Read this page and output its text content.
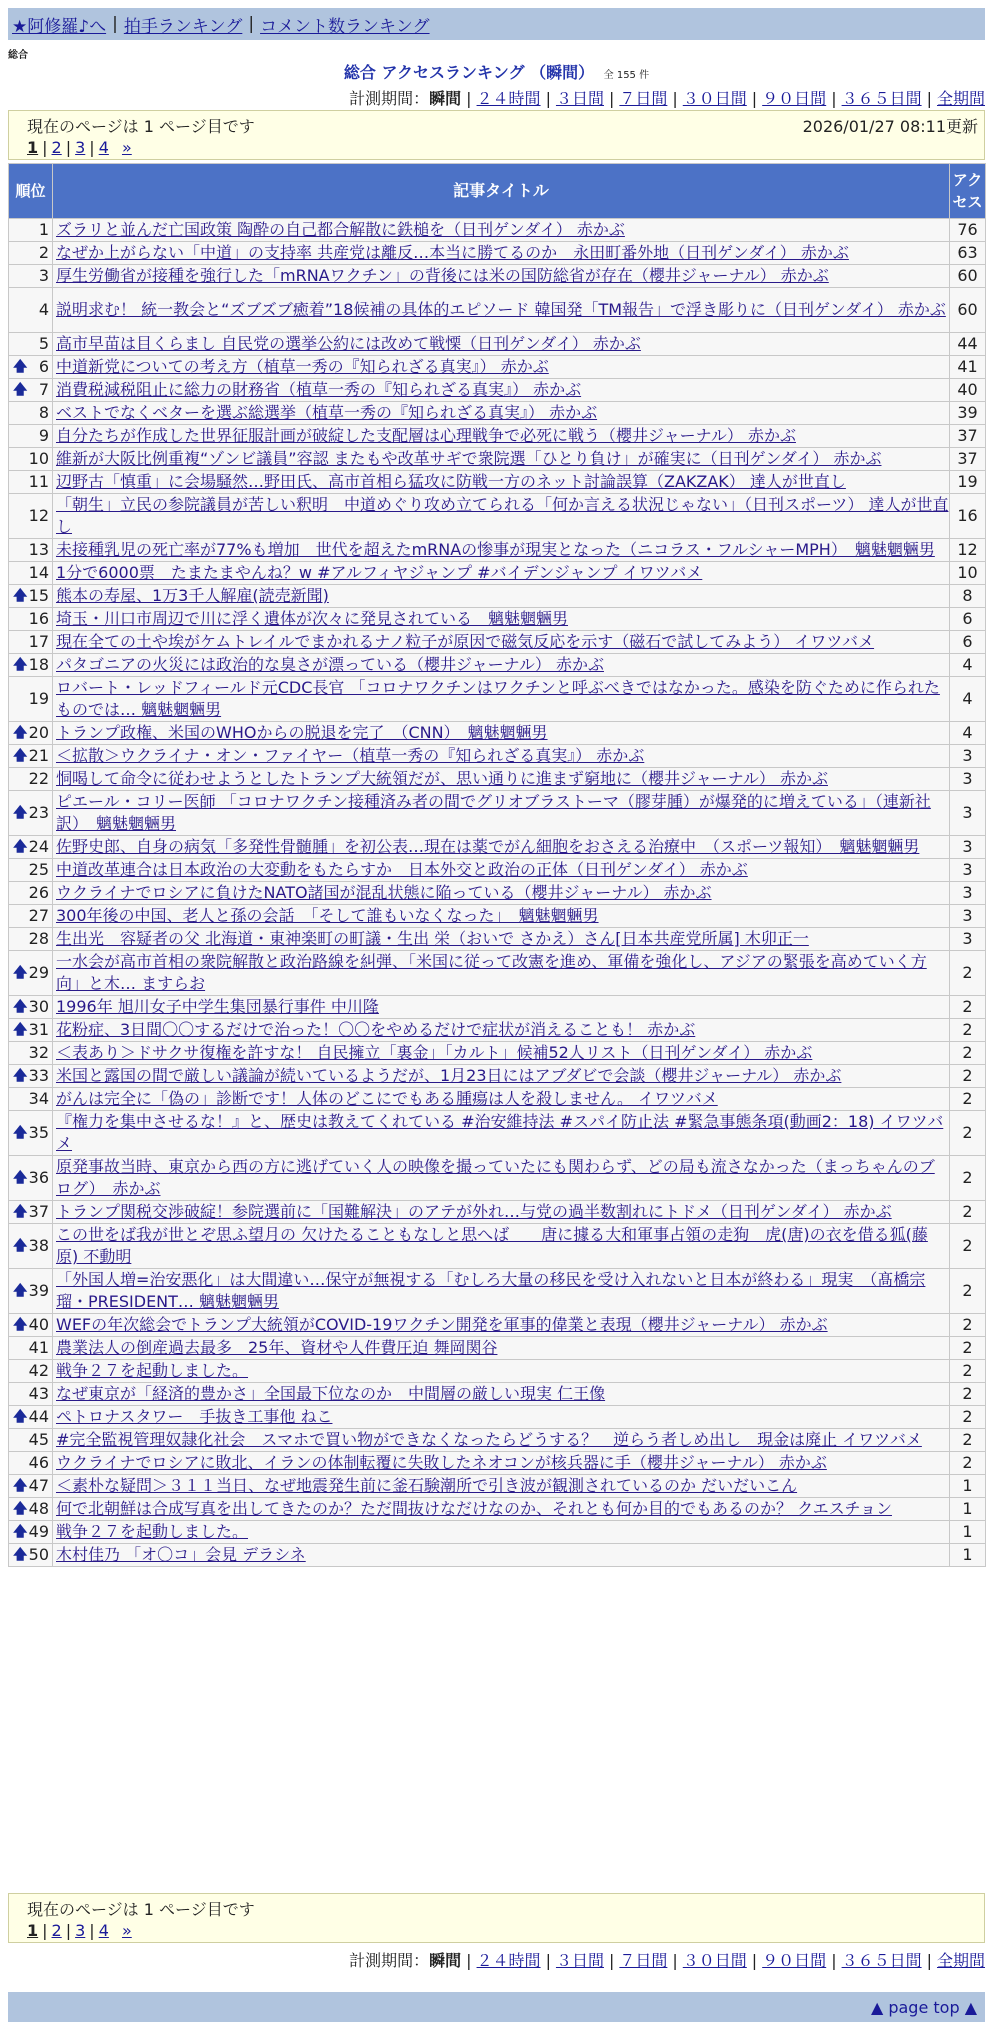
★阿修羅♪へ | 拍手ランキング | コメント数ランキング
総合
総合 アクセスランキング （瞬間） 全 155 件
計測期間：瞬間 | ２４時間 | ３日間 | ７日間 | ３０日間 | ９０日間 | ３６５日間 | 全期間
現在のページは 1 ページ目です	2026/01/27 08:11更新
1 | 2 | 3 | 4 »
順位	記事タイトル	アクセス
1	ズラリと並んだ亡国政策 陶酔の自己都合解散に鉄槌を（日刊ゲンダイ） 赤かぶ	76
2	なぜか上がらない「中道」の支持率 共産党は離反…本当に勝てるのか　永田町番外地（日刊ゲンダイ） 赤かぶ	63
3	厚生労働省が接種を強行した「mRNAワクチン」の背後には米の国防総省が存在（櫻井ジャーナル） 赤かぶ	60
4	説明求む！ 統一教会と“ズブズブ癒着”18候補の具体的エピソード 韓国発「TM報告」で浮き彫りに（日刊ゲンダイ） 赤かぶ	60
5	高市早苗は目くらまし 自民党の選挙公約には改めて戦慄（日刊ゲンダイ） 赤かぶ	44

🡅 6	中道新党についての考え方（植草一秀の『知られざる真実』） 赤かぶ	41

🡅 7	消費税減税阻止に総力の財務省（植草一秀の『知られざる真実』） 赤かぶ	40
8	ベストでなくベターを選ぶ総選挙（植草一秀の『知られざる真実』） 赤かぶ	39
9	自分たちが作成した世界征服計画が破綻した支配層は心理戦争で必死に戦う（櫻井ジャーナル） 赤かぶ	37
10	維新が大阪比例重複“ゾンビ議員”容認 またもや改革サギで衆院選「ひとり負け」が確実に（日刊ゲンダイ） 赤かぶ	37
11	辺野古「慎重」に会場騒然…野田氏、高市首相ら猛攻に防戦一方のネット討論誤算（ZAKZAK） 達人が世直し	19
12	「朝生」立民の参院議員が苦しい釈明　中道めぐり攻め立てられる「何か言える状況じゃない」（日刊スポーツ） 達人が世直し	16
13	未接種乳児の死亡率が77%も増加　世代を超えたmRNAの惨事が現実となった（ニコラス・フルシャーMPH）　魑魅魍魎男	12
14	1分で6000票　たまたまやんね？w #アルフィヤジャンプ #バイデンジャンプ イワツバメ	10

🡅 15	熊本の寿屋、1万3千人解雇(読売新聞)	8
16	埼玉・川口市周辺で川に浮く遺体が次々に発見されている　魑魅魍魎男	6
17	現在全ての土や埃がケムトレイルでまかれるナノ粒子が原因で磁気反応を示す（磁石で試してみよう） イワツバメ	6

🡅 18	パタゴニアの火災には政治的な臭さが漂っている（櫻井ジャーナル） 赤かぶ	4
19	ロバート・レッドフィールド元CDC長官 「コロナワクチンはワクチンと呼ぶべきではなかった。感染を防ぐために作られたものでは… 魑魅魍魎男	4

🡅 20	トランプ政権、米国のWHOからの脱退を完了　（CNN）　魑魅魍魎男	4

🡅 21	＜拡散＞ウクライナ・オン・ファイヤー（植草一秀の『知られざる真実』） 赤かぶ	3
22	恫喝して命令に従わせようとしたトランプ大統領だが、思い通りに進まず窮地に（櫻井ジャーナル） 赤かぶ	3

🡅 23	ピエール・コリー医師 「コロナワクチン接種済み者の間でグリオブラストーマ（膠芽腫）が爆発的に増えている」（連新社訳）　魑魅魍魎男	3

🡅 24	佐野史郎、自身の病気「多発性骨髄腫」を初公表…現在は薬でがん細胞をおさえる治療中　（スポーツ報知）　魑魅魍魎男	3
25	中道改革連合は日本政治の大変動をもたらすか　日本外交と政治の正体（日刊ゲンダイ） 赤かぶ	3
26	ウクライナでロシアに負けたNATO諸国が混乱状態に陥っている（櫻井ジャーナル） 赤かぶ	3
27	300年後の中国、老人と孫の会話　「そして誰もいなくなった」　魑魅魍魎男	3
28	生出光　容疑者の父 北海道・東神楽町の町議・生出 栄（おいで さかえ）さん[日本共産党所属] 木卯正一	3

🡅 29	一水会が高市首相の衆院解散と政治路線を糾弾、「米国に従って改憲を進め、軍備を強化し、アジアの緊張を高めていく方向」と木… ますらお	2

🡅 30	1996年 旭川女子中学生集団暴行事件 中川隆	2

🡅 31	花粉症、3日間〇〇するだけで治った！〇〇をやめるだけで症状が消えることも！ 赤かぶ	2
32	＜表あり＞ドサクサ復権を許すな！ 自民擁立「裏金」「カルト」候補52人リスト（日刊ゲンダイ） 赤かぶ	2

🡅 33	米国と露国の間で厳しい議論が続いているようだが、1月23日にはアブダビで会談（櫻井ジャーナル） 赤かぶ	2
34	がんは完全に「偽の」診断です！人体のどこにでもある腫瘍は人を殺しません。 イワツバメ	2

🡅 35	『権力を集中させるな！』と、歴史は教えてくれている #治安維持法 #スパイ防止法 #緊急事態条項(動画2：18) イワツバメ	2

🡅 36	原発事故当時、東京から西の方に逃げていく人の映像を撮っていたにも関わらず、どの局も流さなかった（まっちゃんのブログ）　赤かぶ	2

🡅 37	トランプ関税交渉破綻！参院選前に「国難解決」のアテが外れ…与党の過半数割れにトドメ（日刊ゲンダイ） 赤かぶ	2

🡅 38	この世をば我が世とぞ思ふ望月の 欠けたることもなしと思へば　　唐に據る大和軍事占領の走狗　虎(唐)の衣を借る狐(藤原) 不動明	2

🡅 39	「外国人増=治安悪化」は大間違い…保守が無視する「むしろ大量の移民を受け入れないと日本が終わる」現実　（髙橋宗瑠・PRESIDENT… 魑魅魍魎男	2

🡅 40	WEFの年次総会でトランプ大統領がCOVID-19ワクチン開発を軍事的偉業と表現（櫻井ジャーナル） 赤かぶ	2
41	農業法人の倒産過去最多　25年、資材や人件費圧迫 舞岡関谷	2
42	戦争２７を起動しました。	2
43	なぜ東京が「経済的豊かさ」全国最下位なのか　中間層の厳しい現実 仁王像	2

🡅 44	ペトロナスタワー　手抜き工事他 ねこ	2
45	#完全監視管理奴隷化社会　スマホで買い物ができなくなったらどうする？　逆らう者しめ出し　現金は廃止 イワツバメ	2
46	ウクライナでロシアに敗北、イランの体制転覆に失敗したネオコンが核兵器に手（櫻井ジャーナル） 赤かぶ	2

🡅 47	＜素朴な疑問＞３１１当日、なぜ地震発生前に釜石験潮所で引き波が観測されているのか だいだいこん	1

🡅 48	何で北朝鮮は合成写真を出してきたのか？ただ間抜けなだけなのか、それとも何か目的でもあるのか？ クエスチョン	1

🡅 49	戦争２７を起動しました。	1

🡅 50	木村佳乃 「オ〇コ」会見 デラシネ	1
現在のページは 1 ページ目です
1 | 2 | 3 | 4 »
計測期間：瞬間 | ２４時間 | ３日間 | ７日間 | ３０日間 | ９０日間 | ３６５日間 | 全期間
▲ page top ▲
